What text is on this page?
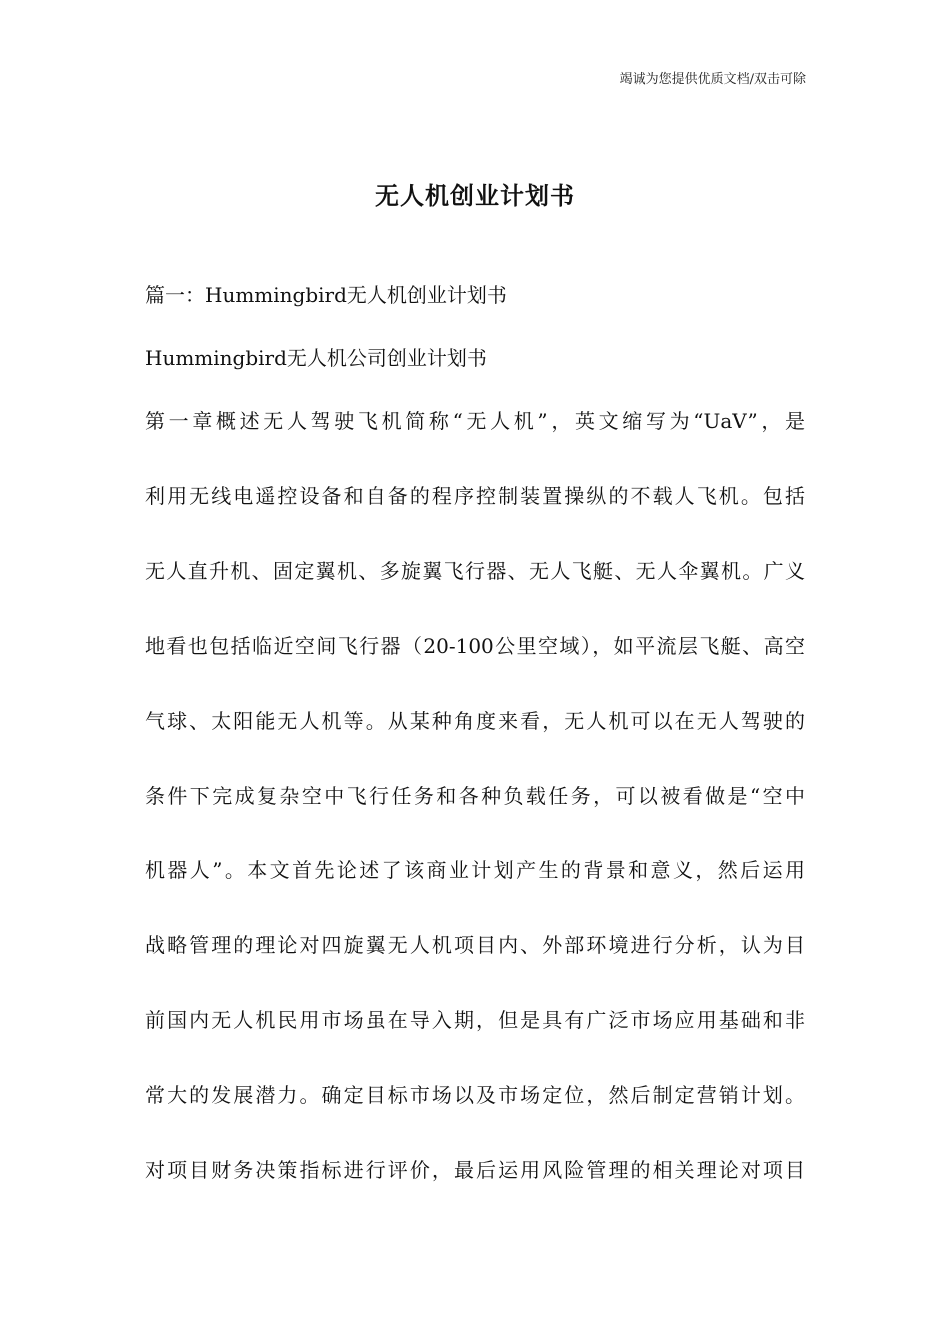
竭诚为您提供优质文档/双击可除
无人机创业计划书

篇一：Hummingbird无人机创业计划书

Hummingbird无人机公司创业计划书

第一章概述无人驾驶飞机简称“无人机”，英文缩写为“UaV”，是

利用无线电遥控设备和自备的程序控制装置操纵的不载人飞机。包括

无人直升机、固定翼机、多旋翼飞行器、无人飞艇、无人伞翼机。广义

地看也包括临近空间飞行器（20-100公里空域），如平流层飞艇、高空

气球、太阳能无人机等。从某种角度来看，无人机可以在无人驾驶的

条件下完成复杂空中飞行任务和各种负载任务，可以被看做是“空中

机器人”。本文首先论述了该商业计划产生的背景和意义，然后运用

战略管理的理论对四旋翼无人机项目内、外部环境进行分析，认为目

前国内无人机民用市场虽在导入期，但是具有广泛市场应用基础和非

常大的发展潜力。确定目标市场以及市场定位，然后制定营销计划。

对项目财务决策指标进行评价，最后运用风险管理的相关理论对项目
